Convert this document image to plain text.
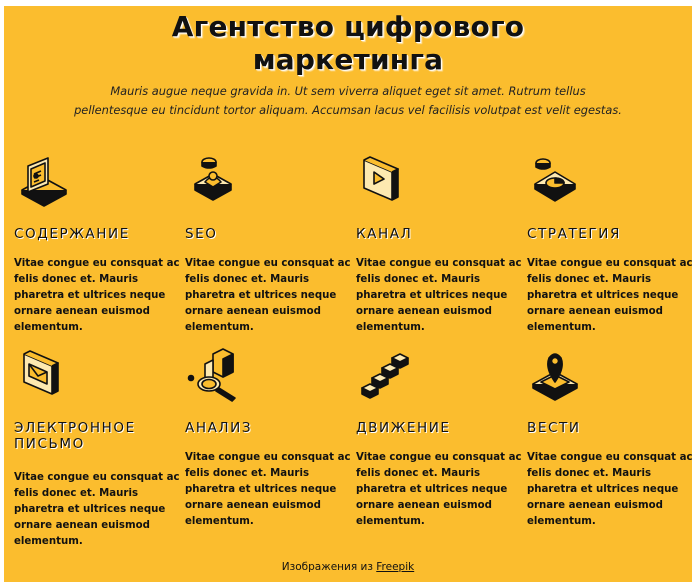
Агентство цифрового
маркетинга
Mauris augue neque gravida in. Ut sem viverra aliquet eget sit amet. Rutrum tellus pellentesque eu tincidunt tortor aliquam. Accumsan lacus vel facilisis volutpat est velit egestas.
СОДЕРЖАНИЕ
Vitae congue eu consquat ac felis donec et. Mauris pharetra et ultrices neque ornare aenean euismod elementum.
SEO
Vitae congue eu consquat ac felis donec et. Mauris pharetra et ultrices neque ornare aenean euismod elementum.
КАНАЛ
Vitae congue eu consquat ac felis donec et. Mauris pharetra et ultrices neque ornare aenean euismod elementum.
СТРАТЕГИЯ
Vitae congue eu consquat ac felis donec et. Mauris pharetra et ultrices neque ornare aenean euismod elementum.
ЭЛЕКТРОННОЕ ПИСЬМО
Vitae congue eu consquat ac felis donec et. Mauris pharetra et ultrices neque ornare aenean euismod elementum.
АНАЛИЗ
Vitae congue eu consquat ac felis donec et. Mauris pharetra et ultrices neque ornare aenean euismod elementum.
ДВИЖЕНИЕ
Vitae congue eu consquat ac felis donec et. Mauris pharetra et ultrices neque ornare aenean euismod elementum.
ВЕСТИ
Vitae congue eu consquat ac felis donec et. Mauris pharetra et ultrices neque ornare aenean euismod elementum.
Изображения из Freepik
